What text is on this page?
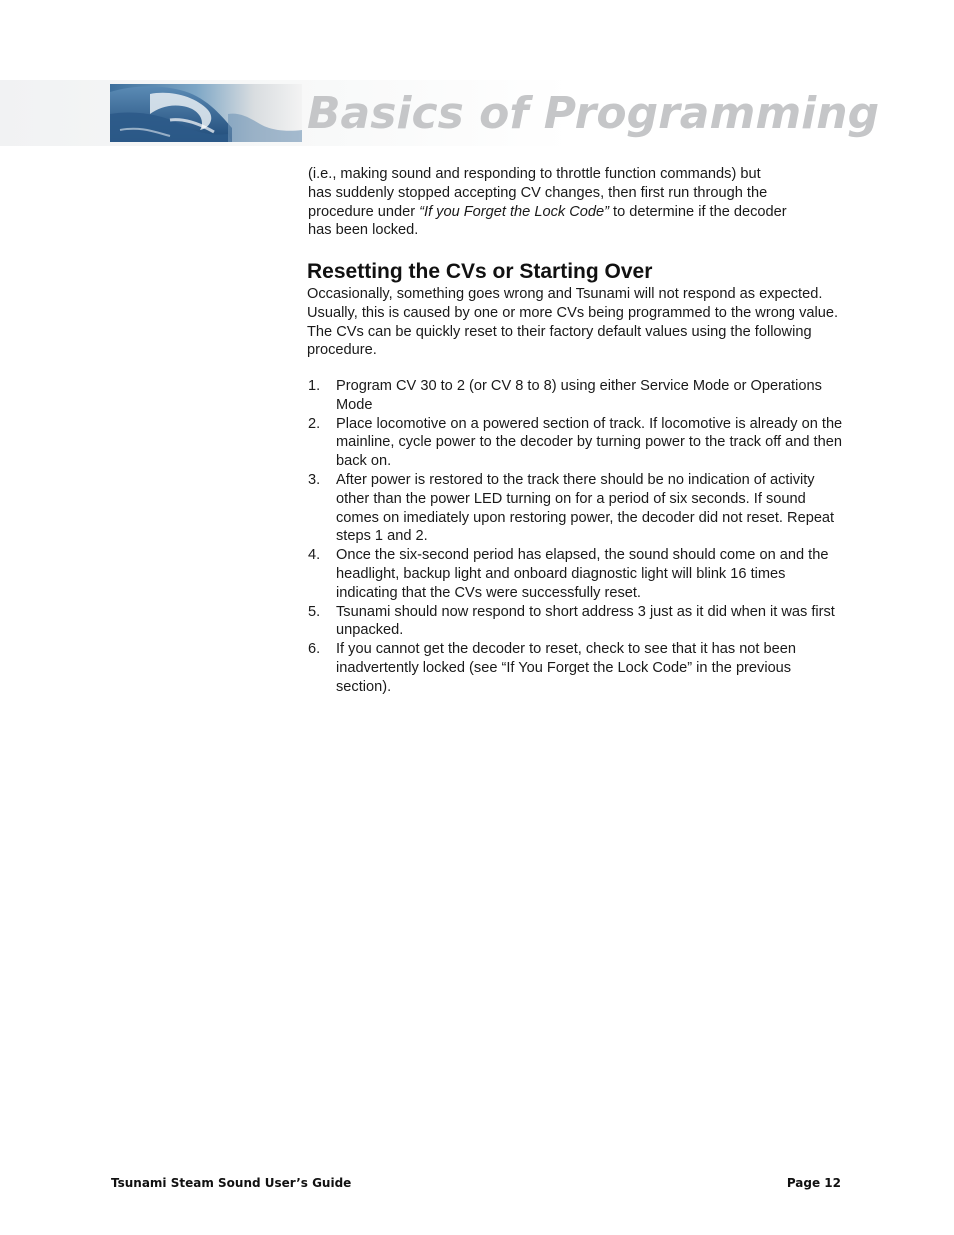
Basics of Programming
(i.e., making sound and responding to throttle function commands) but
has suddenly stopped accepting CV changes, then first run through the
procedure under “If you Forget the Lock Code” to determine if the decoder
has been locked.
Resetting the CVs or Starting Over

Occasionally, something goes wrong and Tsunami will not respond as expected. Usually, this is caused by one or more CVs being programmed to the wrong value. The CVs can be quickly reset to their factory default values using the following procedure.

1. Program CV 30 to 2 (or CV 8 to 8) using either Service Mode or Operations Mode
2. Place locomotive on a powered section of track. If locomotive is already on the mainline, cycle power to the decoder by turning power to the track off and then back on.
3. After power is restored to the track there should be no indication of activity other than the power LED turning on for a period of six seconds. If sound comes on imediately upon restoring power, the decoder did not reset. Repeat steps 1 and 2.
4. Once the six-second period has elapsed, the sound should come on and the headlight, backup light and onboard diagnostic light will blink 16 times indicating that the CVs were successfully reset.
5. Tsunami should now respond to short address 3 just as it did when it was first unpacked.
6. If you cannot get the decoder to reset, check to see that it has not been inadvertently locked (see “If You Forget the Lock Code” in the previous section).
Tsunami Steam Sound User’s Guide	Page 12
